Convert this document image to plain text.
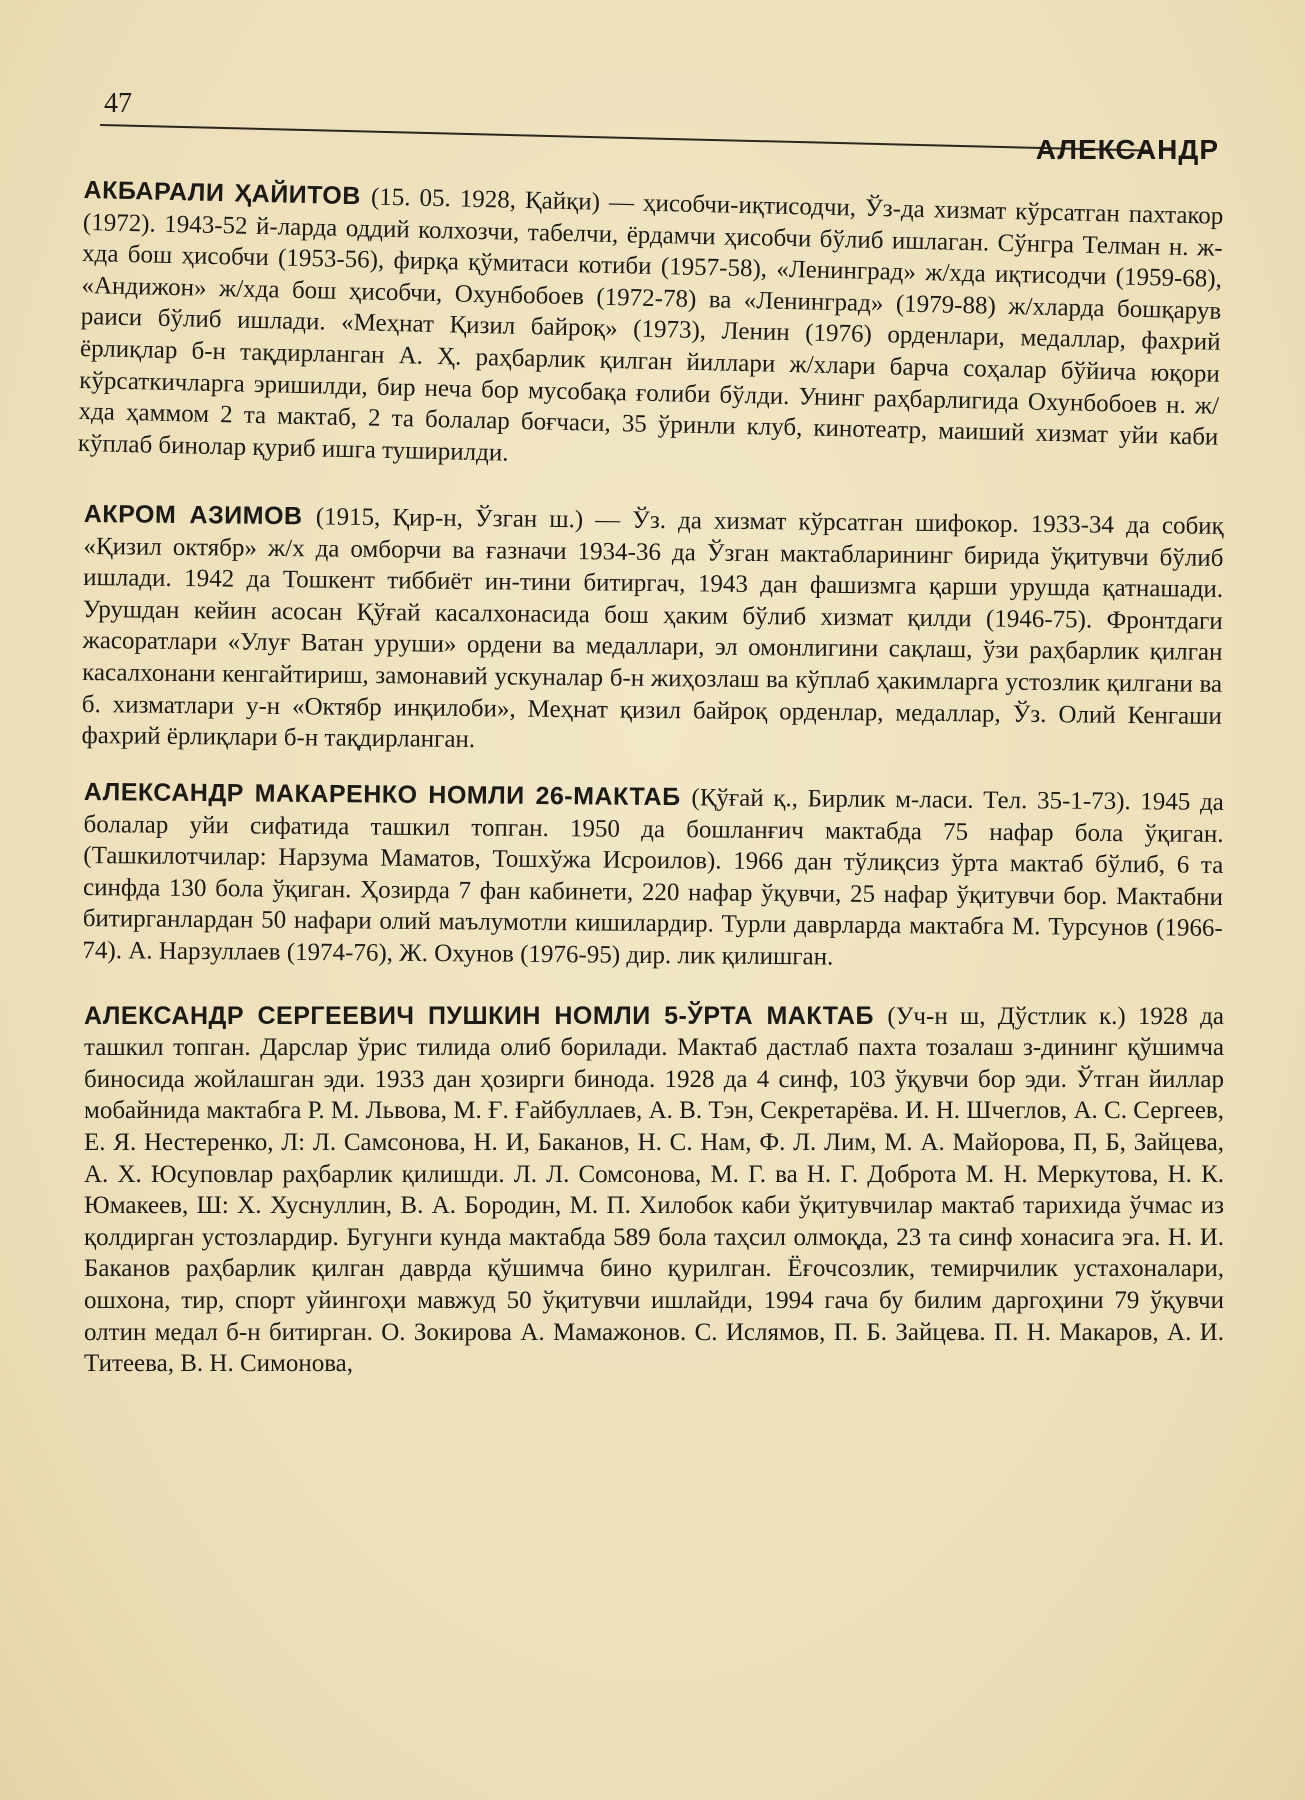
47
АЛЕКСАНДР

АКБАРАЛИ ҲАЙИТОВ (15. 05. 1928, Қайқи) — ҳисобчи-иқтисодчи, Ўз-да хизмат кўрсатган пахтакор (1972). 1943-52 й-ларда оддий колхозчи, табелчи, ёрдамчи ҳисобчи бўлиб ишлаган. Сўнгра Телман н. ж-хда бош ҳисобчи (1953-56), фирқа қўмитаси котиби (1957-58), «Ленинград» ж/хда иқтисодчи (1959-68), «Андижон» ж/хда бош ҳисобчи, Охунбобоев (1972-78) ва «Ленинград» (1979-88) ж/хларда бошқарув раиси бўлиб ишлади. «Меҳнат Қизил байроқ» (1973), Ленин (1976) орденлари, медаллар, фахрий ёрлиқлар б-н тақдирланган А. Ҳ. раҳбарлик қилган йиллари ж/хлари барча соҳалар бўйича юқори кўрсаткичларга эришилди, бир неча бор мусобақа ғолиби бўлди. Унинг раҳбарлигида Охунбобоев н. ж/хда ҳаммом 2 та мактаб, 2 та болалар боғчаси, 35 ўринли клуб, кинотеатр, маиший хизмат уйи каби кўплаб бинолар қуриб ишга туширилди.

АКРОМ АЗИМОВ (1915, Қир-н, Ўзган ш.) — Ўз. да хизмат кўрсатган шифокор. 1933-34 да собиқ «Қизил октябр» ж/х да омборчи ва ғазначи 1934-36 да Ўзган мактабларининг бирида ўқитувчи бўлиб ишлади. 1942 да Тошкент тиббиёт ин-тини битиргач, 1943 дан фашизмга қарши урушда қатнашади. Урушдан кейин асосан Қўғай касалхонасида бош ҳаким бўлиб хизмат қилди (1946-75). Фронтдаги жасоратлари «Улуғ Ватан уруши» ордени ва медаллари, эл омонлигини сақлаш, ўзи раҳбарлик қилган касалхонани кенгайтириш, замонавий ускуналар б-н жиҳозлаш ва кўплаб ҳакимларга устозлик қилгани ва б. хизматлари у-н «Октябр инқилоби», Меҳнат қизил байроқ орденлар, медаллар, Ўз. Олий Кенгаши фахрий ёрлиқлари б-н тақдирланган.

АЛЕКСАНДР МАКАРЕНКО НОМЛИ 26-МАКТАБ (Қўғай қ., Бирлик м-ласи. Тел. 35-1-73). 1945 да болалар уйи сифатида ташкил топган. 1950 да бошланғич мактабда 75 нафар бола ўқиган. (Ташкилотчилар: Нарзума Маматов, Тошхўжа Исроилов). 1966 дан тўлиқсиз ўрта мактаб бўлиб, 6 та синфда 130 бола ўқиган. Ҳозирда 7 фан кабинети, 220 нафар ўқувчи, 25 нафар ўқитувчи бор. Мактабни битирганлардан 50 нафари олий маълумотли кишилардир. Турли даврларда мактабга М. Турсунов (1966-74). А. Нарзуллаев (1974-76), Ж. Охунов (1976-95) дир. лик қилишган.

АЛЕКСАНДР СЕРГЕЕВИЧ ПУШКИН НОМЛИ 5-ЎРТА МАКТАБ (Уч-н ш, Дўстлик к.) 1928 да ташкил топган. Дарслар ўрис тилида олиб борилади. Мактаб дастлаб пахта тозалаш з-дининг қўшимча биносида жойлашган эди. 1933 дан ҳозирги бинода. 1928 да 4 синф, 103 ўқувчи бор эди. Ўтган йиллар мобайнида мактабга Р. М. Львова, М. Ғ. Ғайбуллаев, А. В. Тэн, Секретарёва. И. Н. Шчеглов, А. С. Сергеев, Е. Я. Нестеренко, Л: Л. Самсонова, Н. И, Баканов, Н. С. Нам, Ф. Л. Лим, М. А. Майорова, П, Б, Зайцева, А. Х. Юсуповлар раҳбарлик қилишди. Л. Л. Сомсонова, М. Г. ва Н. Г. Доброта М. Н. Меркутова, Н. К. Юмакеев, Ш: Х. Хуснуллин, В. А. Бородин, М. П. Хилобок каби ўқитувчилар мактаб тарихида ўчмас из қолдирган устозлардир. Бугунги кунда мактабда 589 бола таҳсил олмоқда, 23 та синф хонасига эга. Н. И. Баканов раҳбарлик қилган даврда қўшимча бино қурилган. Ёғочсозлик, темирчилик устахоналари, ошхона, тир, спорт уйингоҳи мавжуд 50 ўқитувчи ишлайди, 1994 гача бу билим даргоҳини 79 ўқувчи олтин медал б-н битирган. О. Зокирова А. Мамажонов. С. Ислямов, П. Б. Зайцева. П. Н. Макаров, А. И. Титеева, В. Н. Симонова,
